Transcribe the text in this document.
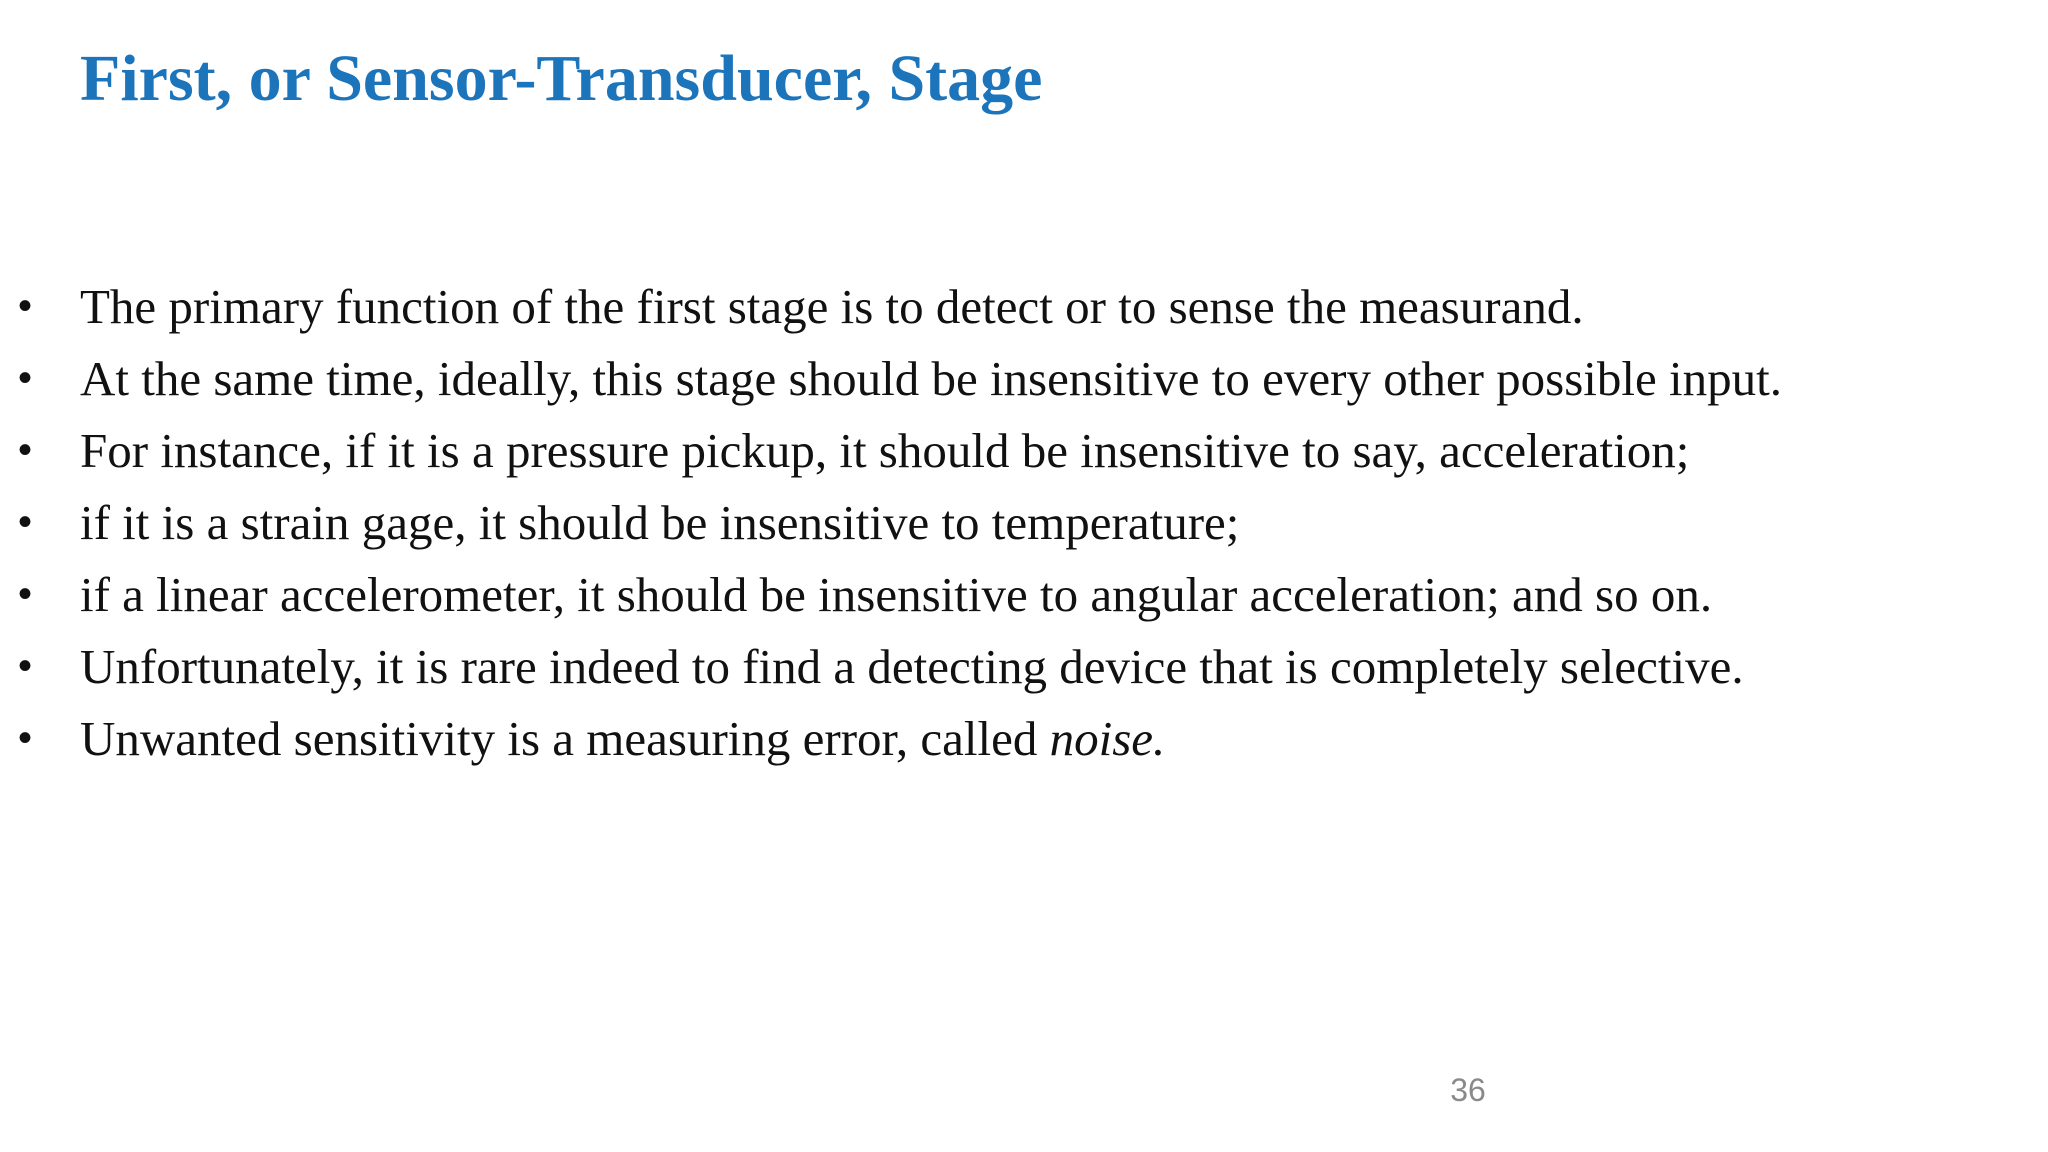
First, or Sensor-Transducer, Stage
• The primary function of the first stage is to detect or to sense the measurand.
• At the same time, ideally, this stage should be insensitive to every other possible input.
• For instance, if it is a pressure pickup, it should be insensitive to say, acceleration;
• if it is a strain gage, it should be insensitive to temperature;
• if a linear accelerometer, it should be insensitive to angular acceleration; and so on.
• Unfortunately, it is rare indeed to find a detecting device that is completely selective.
• Unwanted sensitivity is a measuring error, called noise.
36
